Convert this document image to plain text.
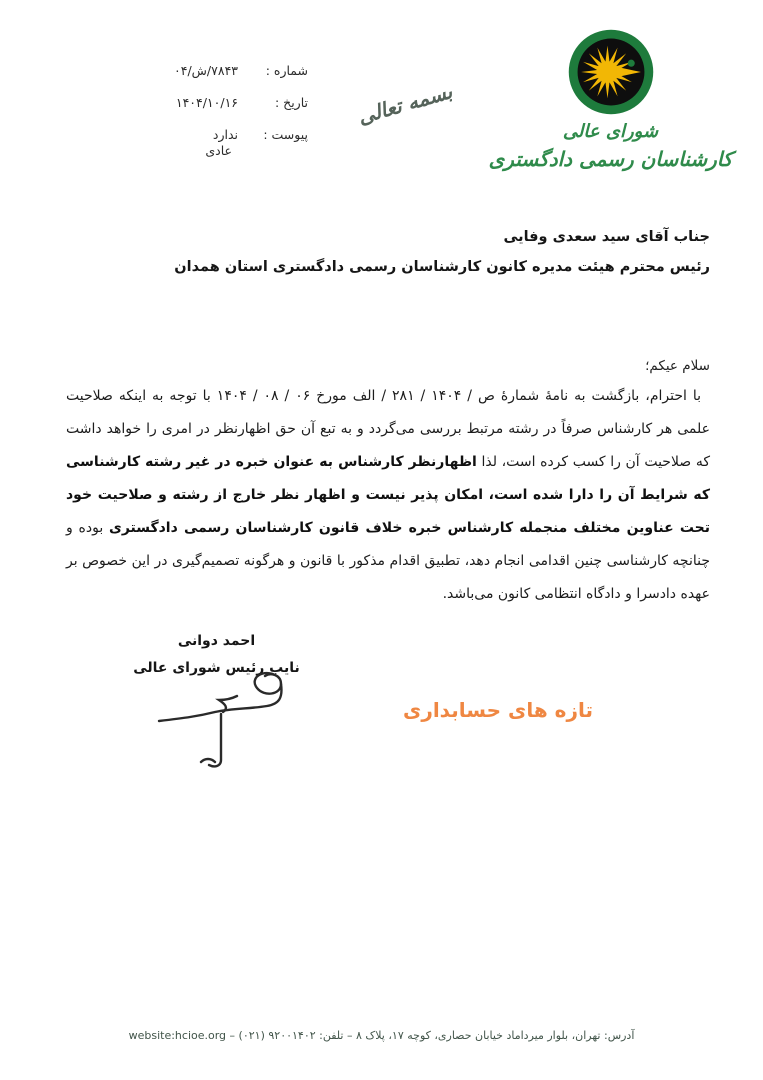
شماره :
۷۸۴۳/ش/۰۴
تاریخ :
۱۴۰۴/۱۰/۱۶
پیوست :
ندارد
عادی
بسمه تعالی
شورای عالی
کارشناسان رسمی دادگستری
جناب آقای سید سعدی وفایی
رئیس محترم هیئت مدیره کانون کارشناسان رسمی دادگستری استان همدان
سلام عیکم؛

با احترام، بازگشت به نامهٔ شمارهٔ ص / ۱۴۰۴ / ۲۸۱ / الف مورخ ۰۶ / ۰۸ / ۱۴۰۴ با توجه به اینکه صلاحیت علمی هر کارشناس صرفاً در رشته مرتبط بررسی می‌گردد و به تبع آن حق اظهارنظر در امری را خواهد داشت که صلاحیت آن را کسب کرده است، لذا اظهارنظر کارشناس به عنوان خبره در غیر رشته کارشناسی که شرایط آن را دارا شده است، امکان پذیر نیست و اظهار نظر خارج از رشته و صلاحیت خود تحت عناوین مختلف منجمله کارشناس خبره خلاف قانون کارشناسان رسمی دادگستری بوده و چنانچه کارشناسی چنین اقدامی انجام دهد، تطبیق اقدام مذکور با قانون و هرگونه تصمیم‌گیری در این خصوص بر عهده دادسرا و دادگاه انتظامی کانون می‌باشد.

احمد دوانی
نایب رئیس شورای عالی
تازه های حسابداری
آدرس: تهران، بلوار میرداماد خیابان حصاری، کوچه ۱۷، پلاک ۸ – تلفن: ۹۲۰۰۱۴۰۲ (۰۲۱) – website:hcioe.org
